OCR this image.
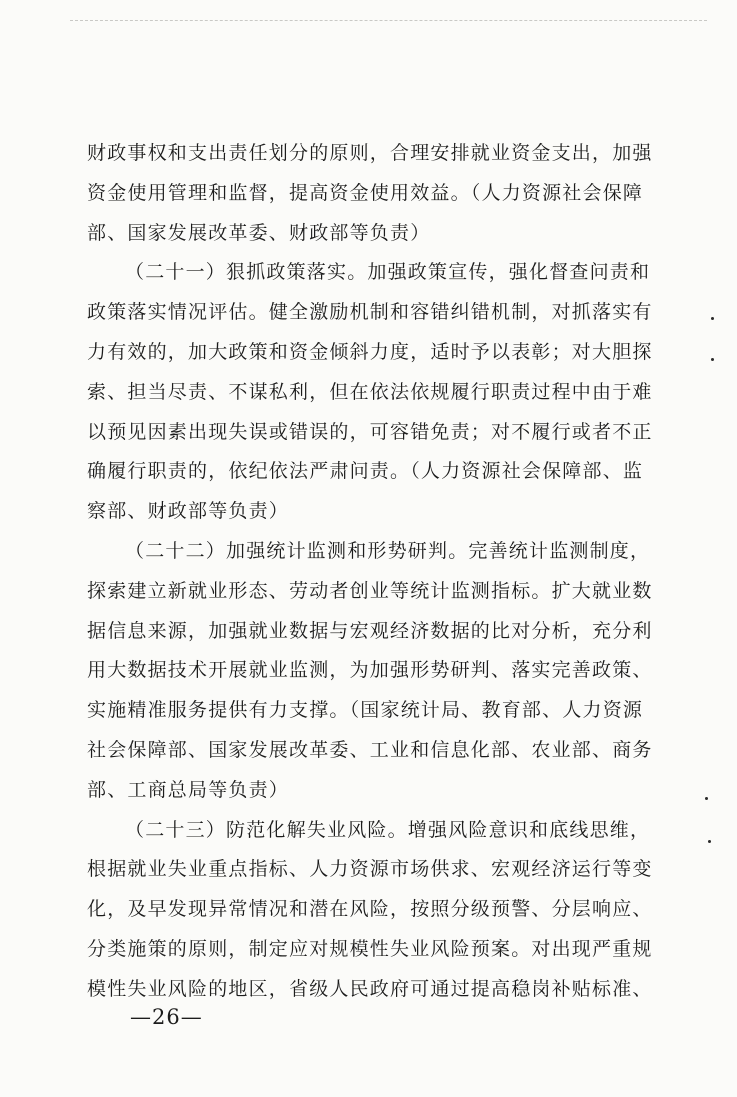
财政事权和支出责任划分的原则，合理安排就业资金支出，加强
资金使用管理和监督，提高资金使用效益。（人力资源社会保障
部、国家发展改革委、财政部等负责）
（二十一）狠抓政策落实。加强政策宣传，强化督查问责和
政策落实情况评估。健全激励机制和容错纠错机制，对抓落实有
力有效的，加大政策和资金倾斜力度，适时予以表彰；对大胆探
索、担当尽责、不谋私利，但在依法依规履行职责过程中由于难
以预见因素出现失误或错误的，可容错免责；对不履行或者不正
确履行职责的，依纪依法严肃问责。（人力资源社会保障部、监
察部、财政部等负责）
（二十二）加强统计监测和形势研判。完善统计监测制度，
探索建立新就业形态、劳动者创业等统计监测指标。扩大就业数
据信息来源，加强就业数据与宏观经济数据的比对分析，充分利
用大数据技术开展就业监测，为加强形势研判、落实完善政策、
实施精准服务提供有力支撑。（国家统计局、教育部、人力资源
社会保障部、国家发展改革委、工业和信息化部、农业部、商务
部、工商总局等负责）
（二十三）防范化解失业风险。增强风险意识和底线思维，
根据就业失业重点指标、人力资源市场供求、宏观经济运行等变
化，及早发现异常情况和潜在风险，按照分级预警、分层响应、
分类施策的原则，制定应对规模性失业风险预案。对出现严重规
模性失业风险的地区，省级人民政府可通过提高稳岗补贴标准、
—26—
